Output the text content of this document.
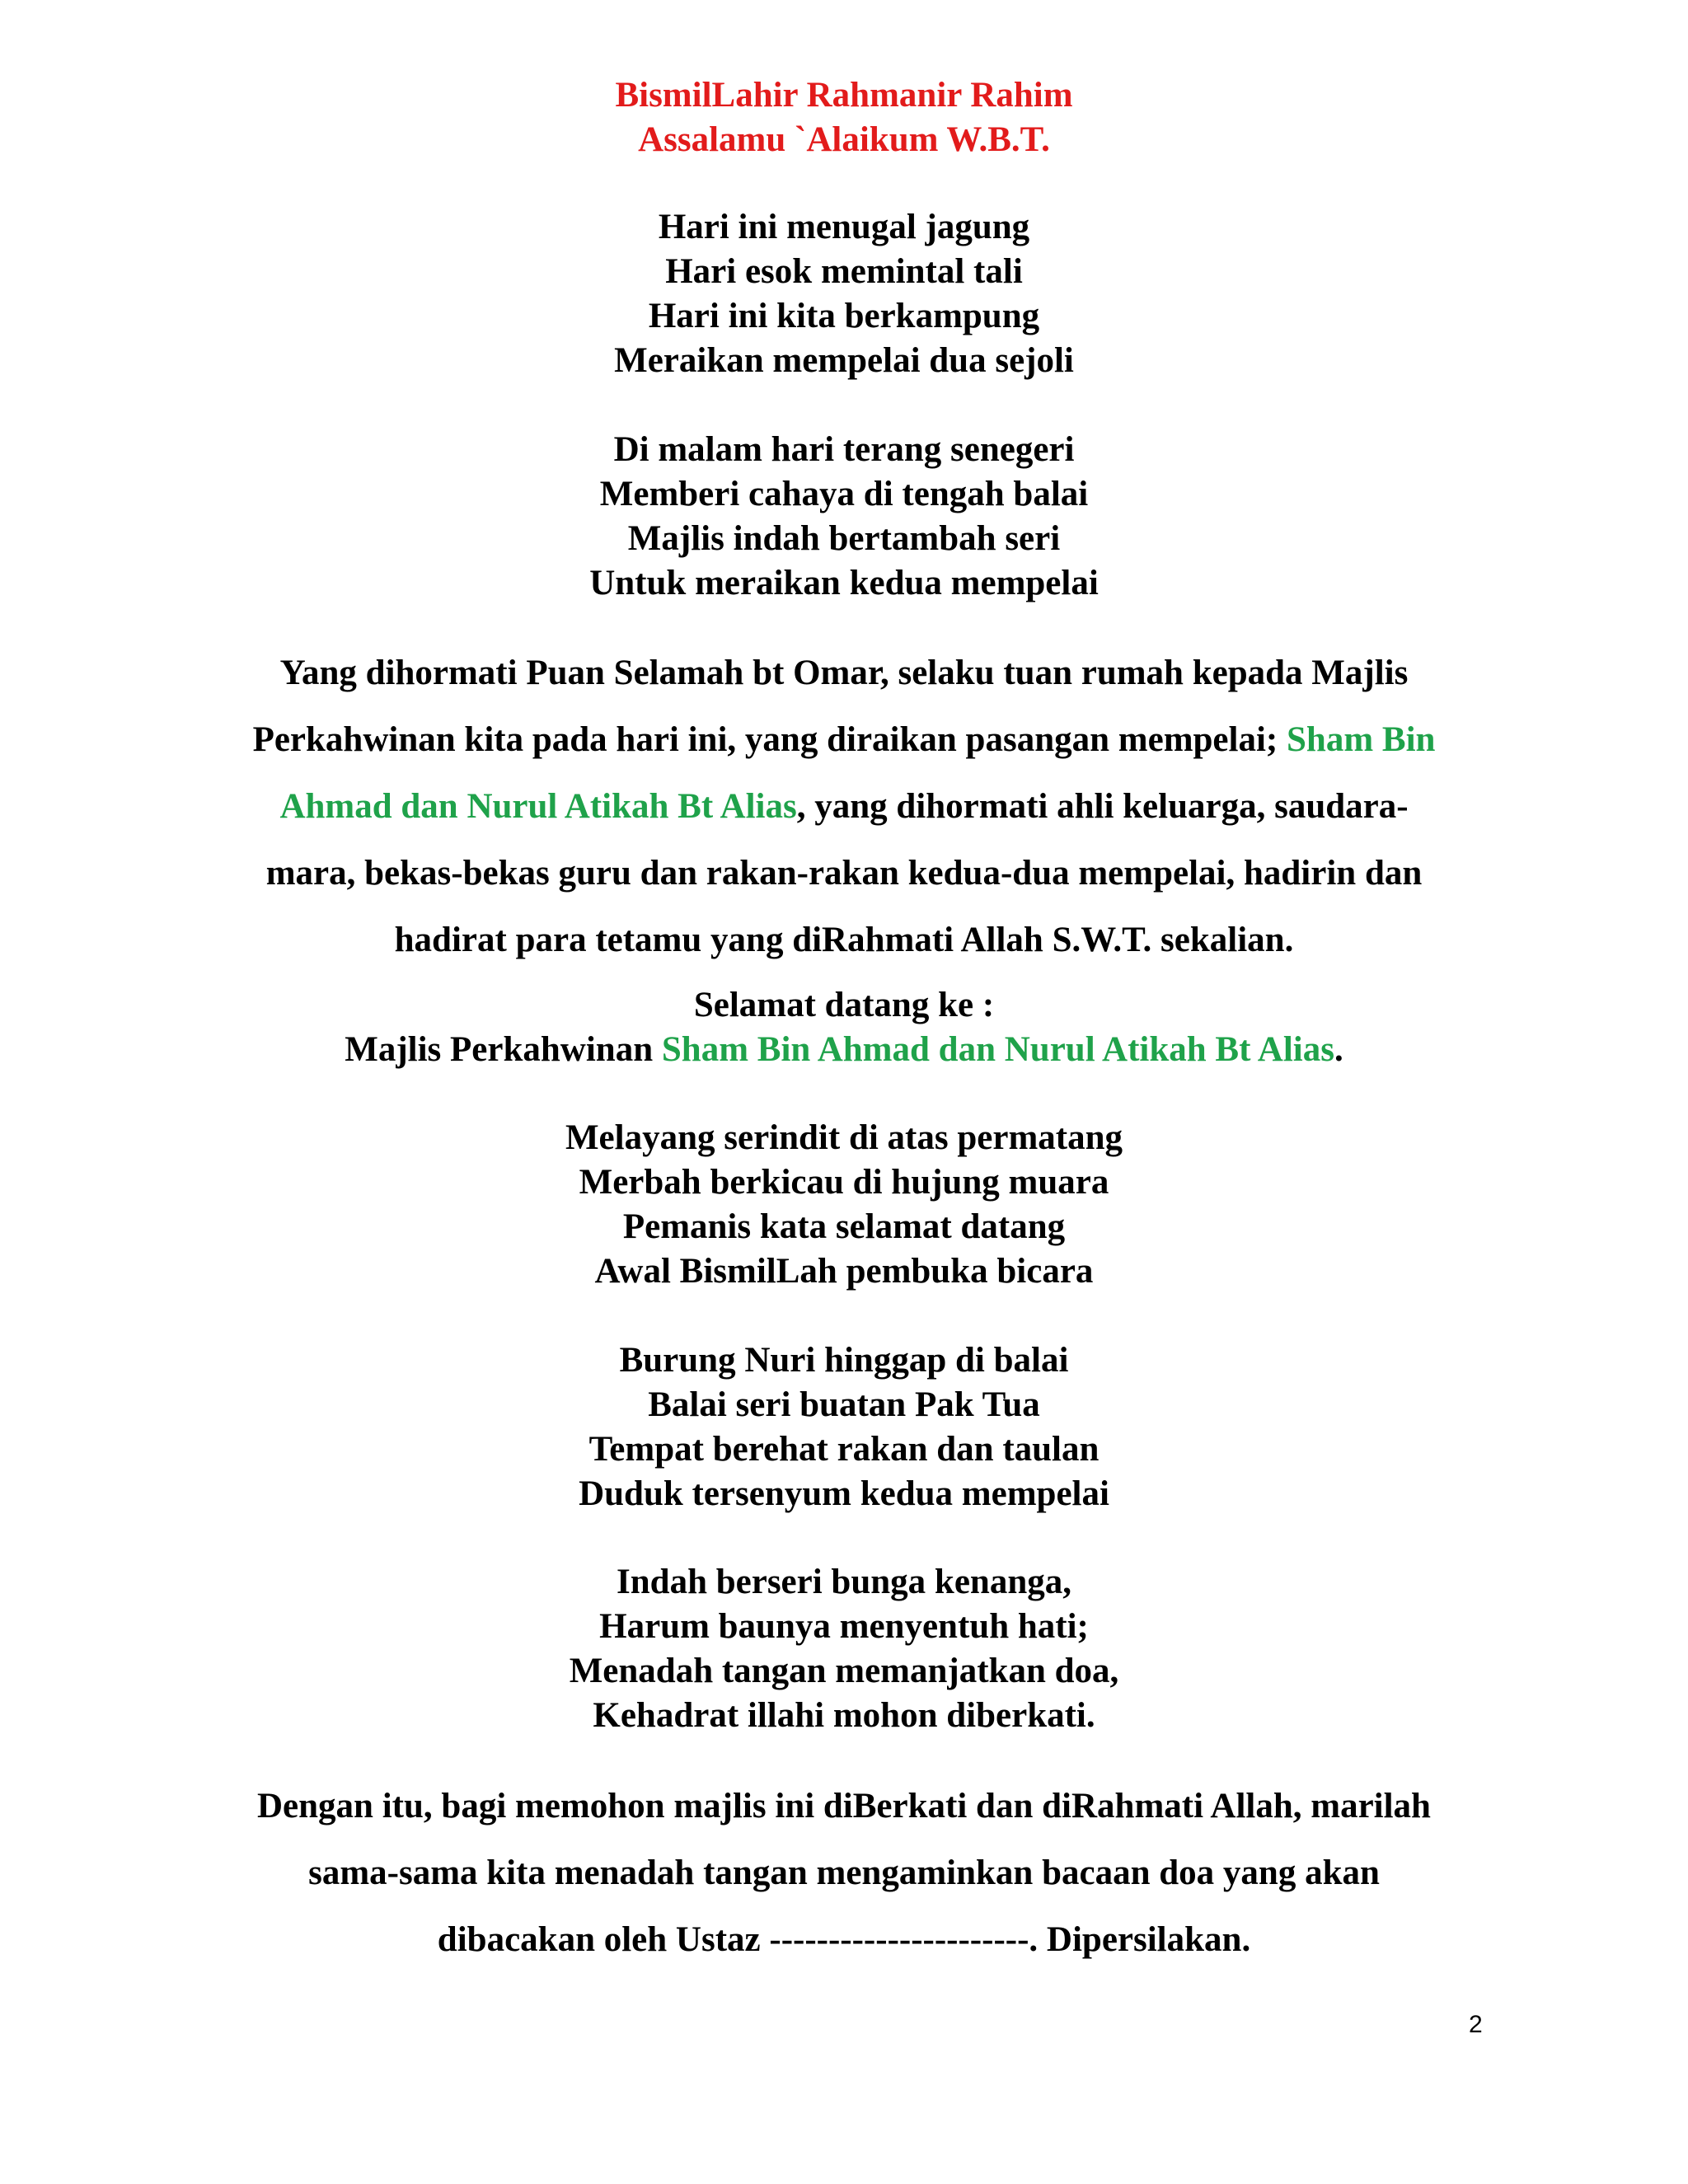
BismilLahir Rahmanir Rahim
Assalamu `Alaikum W.B.T.
Hari ini menugal jagung
Hari esok memintal tali
Hari ini kita berkampung
Meraikan mempelai dua sejoli
Di malam hari terang senegeri
Memberi cahaya di tengah balai
Majlis indah bertambah seri
Untuk meraikan kedua mempelai
Yang dihormati Puan Selamah bt Omar, selaku tuan rumah kepada Majlis
Perkahwinan kita pada hari ini, yang diraikan pasangan mempelai; Sham Bin
Ahmad dan Nurul Atikah Bt Alias, yang dihormati ahli keluarga, saudara-
mara, bekas-bekas guru dan rakan-rakan kedua-dua mempelai, hadirin dan
hadirat para tetamu yang diRahmati Allah S.W.T. sekalian.
Selamat datang ke :
Majlis Perkahwinan Sham Bin Ahmad dan Nurul Atikah Bt Alias.
Melayang serindit di atas permatang
Merbah berkicau di hujung muara
Pemanis kata selamat datang
Awal BismilLah pembuka bicara
Burung Nuri hinggap di balai
Balai seri buatan Pak Tua
Tempat berehat rakan dan taulan
Duduk tersenyum kedua mempelai
Indah berseri bunga kenanga,
Harum baunya menyentuh hati;
Menadah tangan memanjatkan doa,
Kehadrat illahi mohon diberkati.
Dengan itu, bagi memohon majlis ini diBerkati dan diRahmati Allah, marilah
sama-sama kita menadah tangan mengaminkan bacaan doa yang akan
dibacakan oleh Ustaz ----------------------. Dipersilakan.
2
